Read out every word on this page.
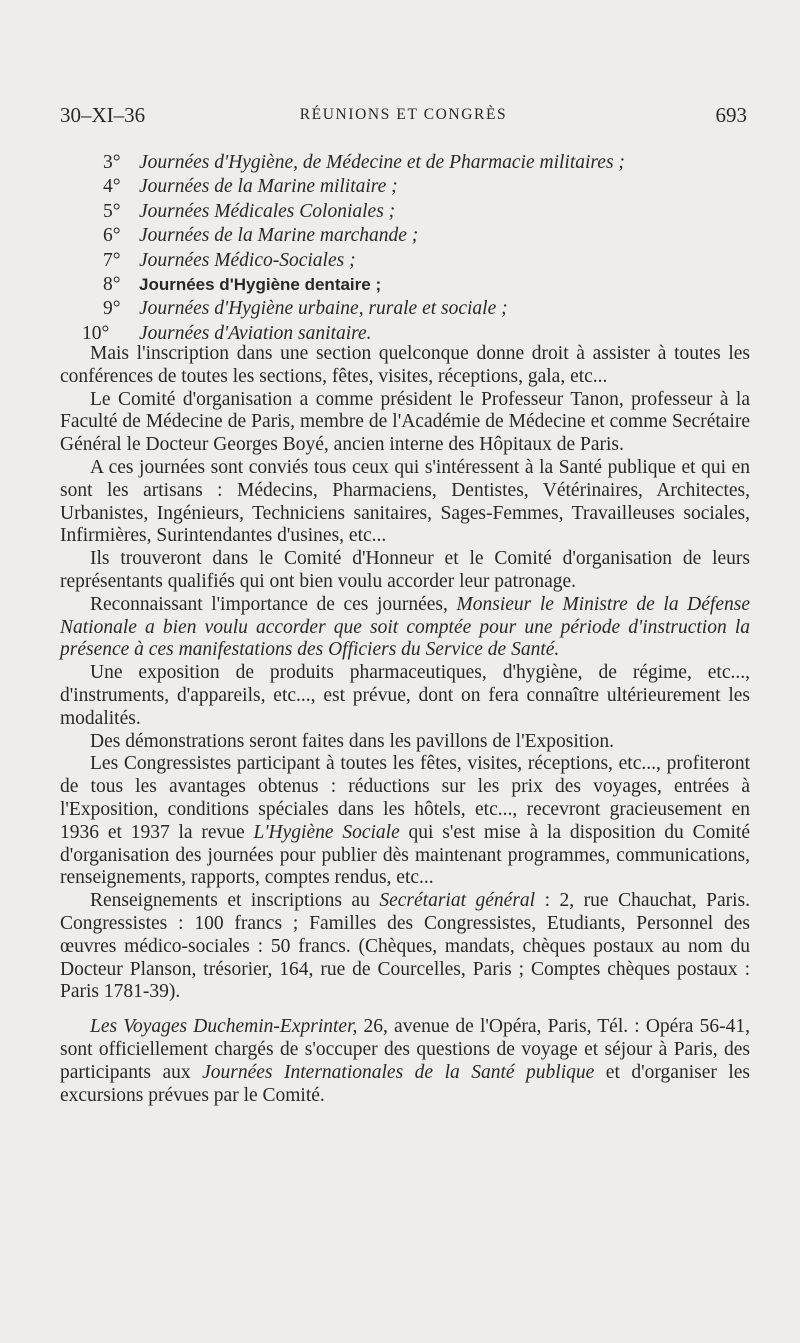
30–XI–36	RÉUNIONS ET CONGRÈS	693
3° Journées d'Hygiène, de Médecine et de Pharmacie militaires ;
4° Journées de la Marine militaire ;
5° Journées Médicales Coloniales ;
6° Journées de la Marine marchande ;
7° Journées Médico-Sociales ;
8° Journées d'Hygiène dentaire ;
9° Journées d'Hygiène urbaine, rurale et sociale ;
10° Journées d'Aviation sanitaire.

Mais l'inscription dans une section quelconque donne droit à assister à toutes les conférences de toutes les sections, fêtes, visites, réceptions, gala, etc...

Le Comité d'organisation a comme président le Professeur Tanon, professeur à la Faculté de Médecine de Paris, membre de l'Académie de Médecine et comme Secrétaire Général le Docteur Georges Boyé, ancien interne des Hôpitaux de Paris.

A ces journées sont conviés tous ceux qui s'intéressent à la Santé publique et qui en sont les artisans : Médecins, Pharmaciens, Dentistes, Vétérinaires, Architectes, Urbanistes, Ingénieurs, Techniciens sanitaires, Sages-Femmes, Travailleuses sociales, Infirmières, Surintendantes d'usines, etc...

Ils trouveront dans le Comité d'Honneur et le Comité d'organisation de leurs représentants qualifiés qui ont bien voulu accorder leur patronage.

Reconnaissant l'importance de ces journées, Monsieur le Ministre de la Défense Nationale a bien voulu accorder que soit comptée pour une période d'instruction la présence à ces manifestations des Officiers du Service de Santé.

Une exposition de produits pharmaceutiques, d'hygiène, de régime, etc..., d'instruments, d'appareils, etc..., est prévue, dont on fera connaître ultérieurement les modalités.

Des démonstrations seront faites dans les pavillons de l'Exposition.

Les Congressistes participant à toutes les fêtes, visites, réceptions, etc..., profiteront de tous les avantages obtenus : réductions sur les prix des voyages, entrées à l'Exposition, conditions spéciales dans les hôtels, etc..., recevront gracieusement en 1936 et 1937 la revue L'Hygiène Sociale qui s'est mise à la disposition du Comité d'organisation des journées pour publier dès maintenant programmes, communications, renseignements, rapports, comptes rendus, etc...

Renseignements et inscriptions au Secrétariat général : 2, rue Chauchat, Paris. Congressistes : 100 francs ; Familles des Congressistes, Etudiants, Personnel des œuvres médico-sociales : 50 francs. (Chèques, mandats, chèques postaux au nom du Docteur Planson, trésorier, 164, rue de Courcelles, Paris ; Comptes chèques postaux : Paris 1781-39).

Les Voyages Duchemin-Exprinter, 26, avenue de l'Opéra, Paris, Tél. : Opéra 56-41, sont officiellement chargés de s'occuper des questions de voyage et séjour à Paris, des participants aux Journées Internationales de la Santé publique et d'organiser les excursions prévues par le Comité.
